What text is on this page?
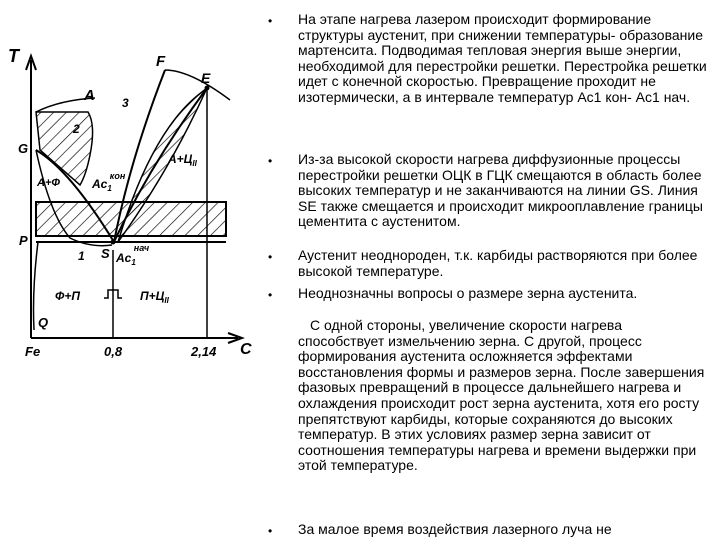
T
C
Fe	0,8	2,14
F
E
G
P
S
Q
A
$A+Ц_{II}$
A+Ф
Ф+П	$П+Ц_{II}$
$Ac_1кон$
$Ac_1нач$
1
2
3
• На этапе нагрева лазером происходит формирование структуры аустенит, при снижении температуры- образование мартенсита. Подводимая тепловая энергия выше энергии, необходимой для перестройки решетки. Перестройка решетки идет с конечной скоростью. Превращение проходит не изотермически, а в интервале температур Ас1 кон- Ас1 нач.

• Из-за высокой скорости нагрева диффузионные процессы перестройки решетки ОЦК в ГЦК смещаются в область более высоких температур и не заканчиваются на линии GS. Линия SE также смещается и происходит микрооплавление границы цементита с аустенитом.

• Аустенит неоднороден, т.к. карбиды растворяются при более высокой температуре.

• Неоднозначны вопросы о размере зерна аустенита.

С одной стороны, увеличение скорости нагрева способствует измельчению зерна. С другой, процесс формирования аустенита осложняется эффектами восстановления формы и размеров зерна. После завершения фазовых превращений в процессе дальнейшего нагрева и охлаждения происходит рост зерна аустенита, хотя его росту препятствуют карбиды, которые сохраняются до высоких температур. В этих условиях размер зерна зависит от соотношения температуры нагрева и времени выдержки при этой температуре.

• За малое время воздействия лазерного луча не
